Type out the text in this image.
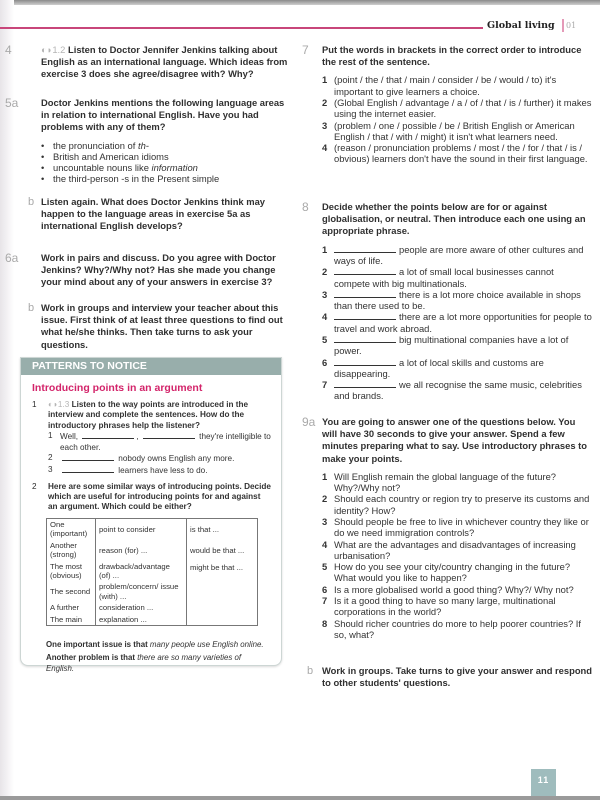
Global living 01
4	◐◗1.2 Listen to Doctor Jennifer Jenkins talking about English as an international language. Which ideas from exercise 3 does she agree/disagree with? Why?
5a Doctor Jenkins mentions the following language areas in relation to international English. Have you had problems with any of them?
• the pronunciation of th-
• British and American idioms
• uncountable nouns like information
• the third-person -s in the Present simple
b Listen again. What does Doctor Jenkins think may happen to the language areas in exercise 5a as international English develops?
6a Work in pairs and discuss. Do you agree with Doctor Jenkins? Why?/Why not? Has she made you change your mind about any of your answers in exercise 3?
b Work in groups and interview your teacher about this issue. First think of at least three questions to find out what he/she thinks. Then take turns to ask your questions.
PATTERNS TO NOTICE
Introducing points in an argument
1 ◐◗1.3 Listen to the way points are introduced in the interview and complete the sentences. How do the introductory phrases help the listener?
1 Well,	,	they're intelligible to each other.
2	nobody owns English any more.
3	learners have less to do.
2 Here are some similar ways of introducing points. Decide which are useful for introducing points for and against an argument. Which could be either?
One (important)	point to consider	is that ...
Another (strong)	reason (for) ...	would be that ...
The most (obvious)	drawback/advantage (of) ...	might be that ...
The second	problem/concern/ issue (with) ...	
A further	consideration ...	
The main	explanation ...	

One important issue is that many people use English online.

Another problem is that there are so many varieties of English.

7 Put the words in brackets in the correct order to introduce the rest of the sentence.
1 (point / the / that / main / consider / be / would / to) it's important to give learners a choice.
2 (Global English / advantage / a / of / that / is / further) it makes using the internet easier.
3 (problem / one / possible / be / British English or American English / that / with / might) it isn't what learners need.
4 (reason / pronunciation problems / most / the / for / that / is / obvious) learners don't have the sound in their first language.
8 Decide whether the points below are for or against globalisation, or neutral. Then introduce each one using an appropriate phrase.
1	people are more aware of other cultures and ways of life.
2	a lot of small local businesses cannot compete with big multinationals.
3	there is a lot more choice available in shops than there used to be.
4	there are a lot more opportunities for people to travel and work abroad.
5	big multinational companies have a lot of power.
6	a lot of local skills and customs are disappearing.
7	we all recognise the same music, celebrities and brands.
9a You are going to answer one of the questions below. You will have 30 seconds to give your answer. Spend a few minutes preparing what to say. Use introductory phrases to make your points.
1 Will English remain the global language of the future? Why?/Why not?
2 Should each country or region try to preserve its customs and identity? How?
3 Should people be free to live in whichever country they like or do we need immigration controls?
4 What are the advantages and disadvantages of increasing urbanisation?
5 How do you see your city/country changing in the future? What would you like to happen?
6 Is a more globalised world a good thing? Why?/ Why not?
7 Is it a good thing to have so many large, multinational corporations in the world?
8 Should richer countries do more to help poorer countries? If so, what?
b Work in groups. Take turns to give your answer and respond to other students' questions.
11
